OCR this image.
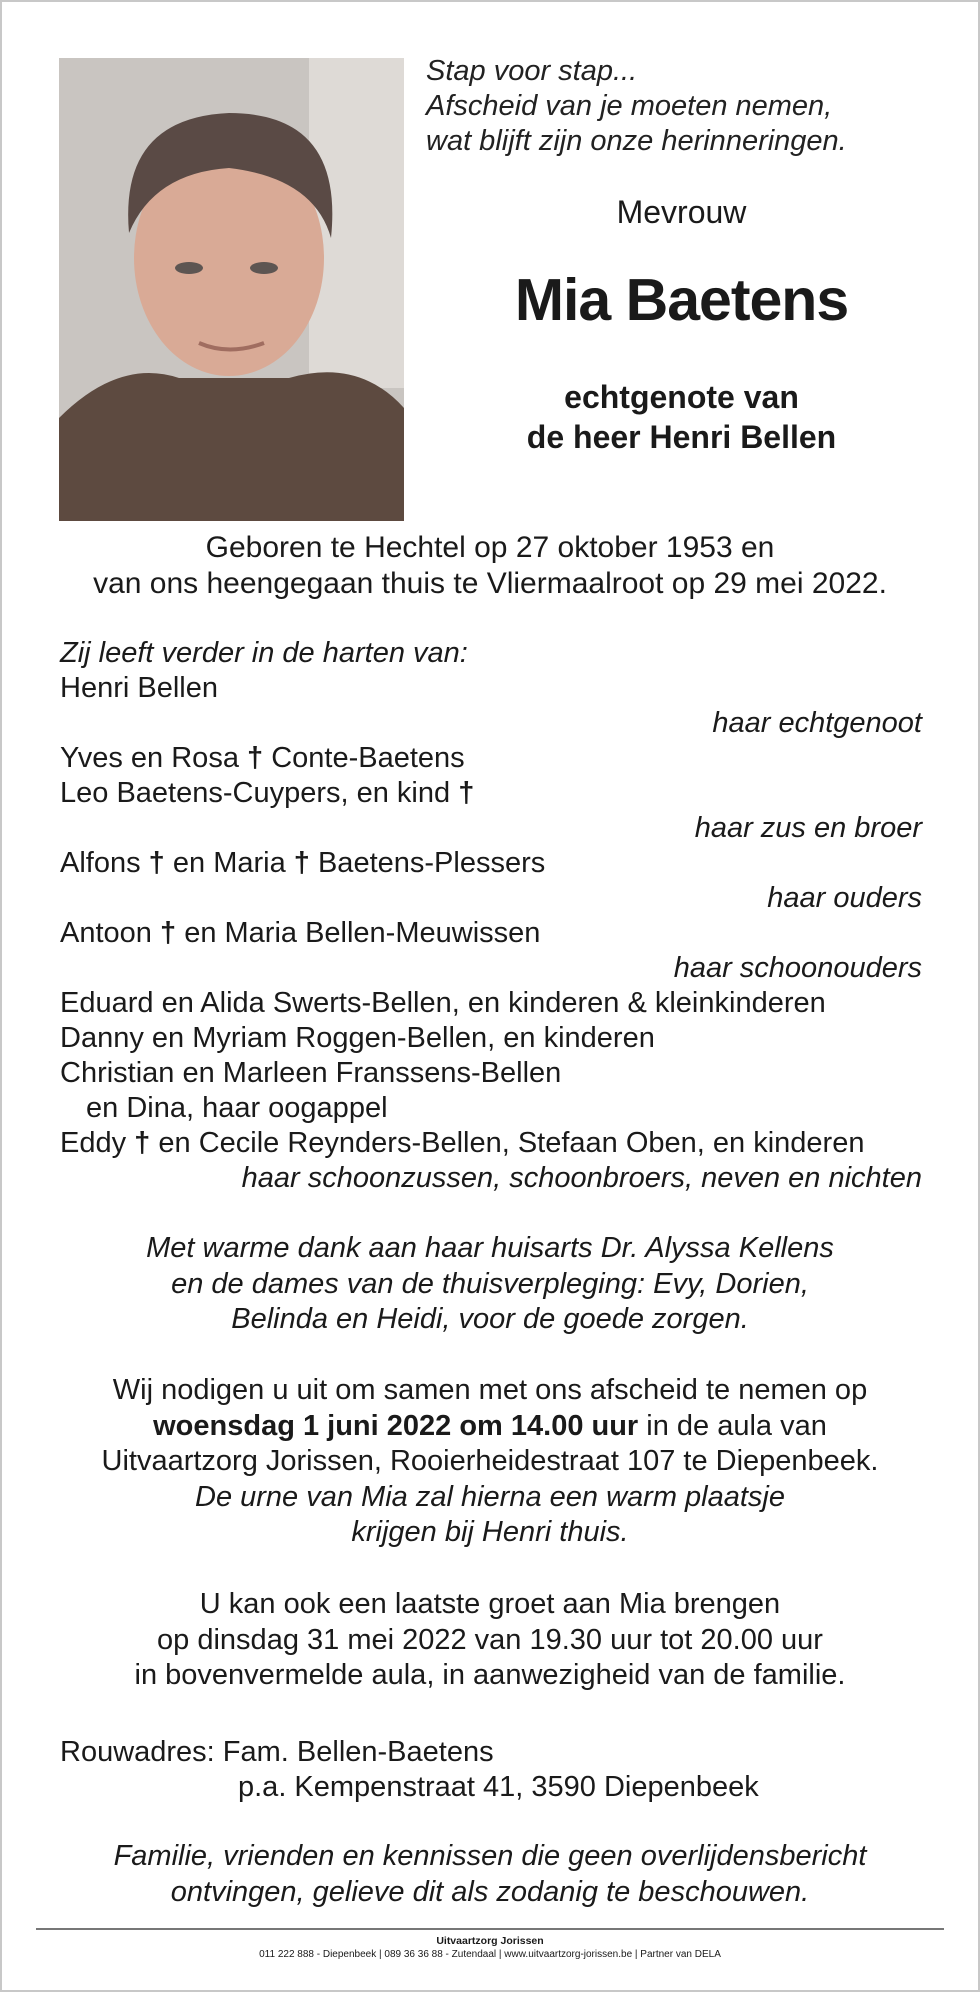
Stap voor stap...
Afscheid van je moeten nemen,
wat blijft zijn onze herinneringen.
Mevrouw
Mia Baetens
echtgenote van
de heer Henri Bellen
Geboren te Hechtel op 27 oktober 1953 en
van ons heengegaan thuis te Vliermaalroot op 29 mei 2022.
Zij leeft verder in de harten van:
Henri Bellen
haar echtgenoot
Yves en Rosa † Conte-Baetens
Leo Baetens-Cuypers, en kind †
haar zus en broer
Alfons † en Maria † Baetens-Plessers
haar ouders
Antoon † en Maria Bellen-Meuwissen
haar schoonouders
Eduard en Alida Swerts-Bellen, en kinderen & kleinkinderen
Danny en Myriam Roggen-Bellen, en kinderen
Christian en Marleen Franssens-Bellen
en Dina, haar oogappel
Eddy † en Cecile Reynders-Bellen, Stefaan Oben, en kinderen
haar schoonzussen, schoonbroers, neven en nichten
Met warme dank aan haar huisarts Dr. Alyssa Kellens
en de dames van de thuisverpleging: Evy, Dorien,
Belinda en Heidi, voor de goede zorgen.
Wij nodigen u uit om samen met ons afscheid te nemen op
woensdag 1 juni 2022 om 14.00 uur in de aula van
Uitvaartzorg Jorissen, Rooierheidestraat 107 te Diepenbeek.
De urne van Mia zal hierna een warm plaatsje
krijgen bij Henri thuis.
U kan ook een laatste groet aan Mia brengen
op dinsdag 31 mei 2022 van 19.30 uur tot 20.00 uur
in bovenvermelde aula, in aanwezigheid van de familie.
Rouwadres: Fam. Bellen-Baetens
p.a. Kempenstraat 41, 3590 Diepenbeek
Familie, vrienden en kennissen die geen overlijdensbericht
ontvingen, gelieve dit als zodanig te beschouwen.
Uitvaartzorg Jorissen
011 222 888 - Diepenbeek | 089 36 36 88 - Zutendaal | www.uitvaartzorg-jorissen.be | Partner van DELA
